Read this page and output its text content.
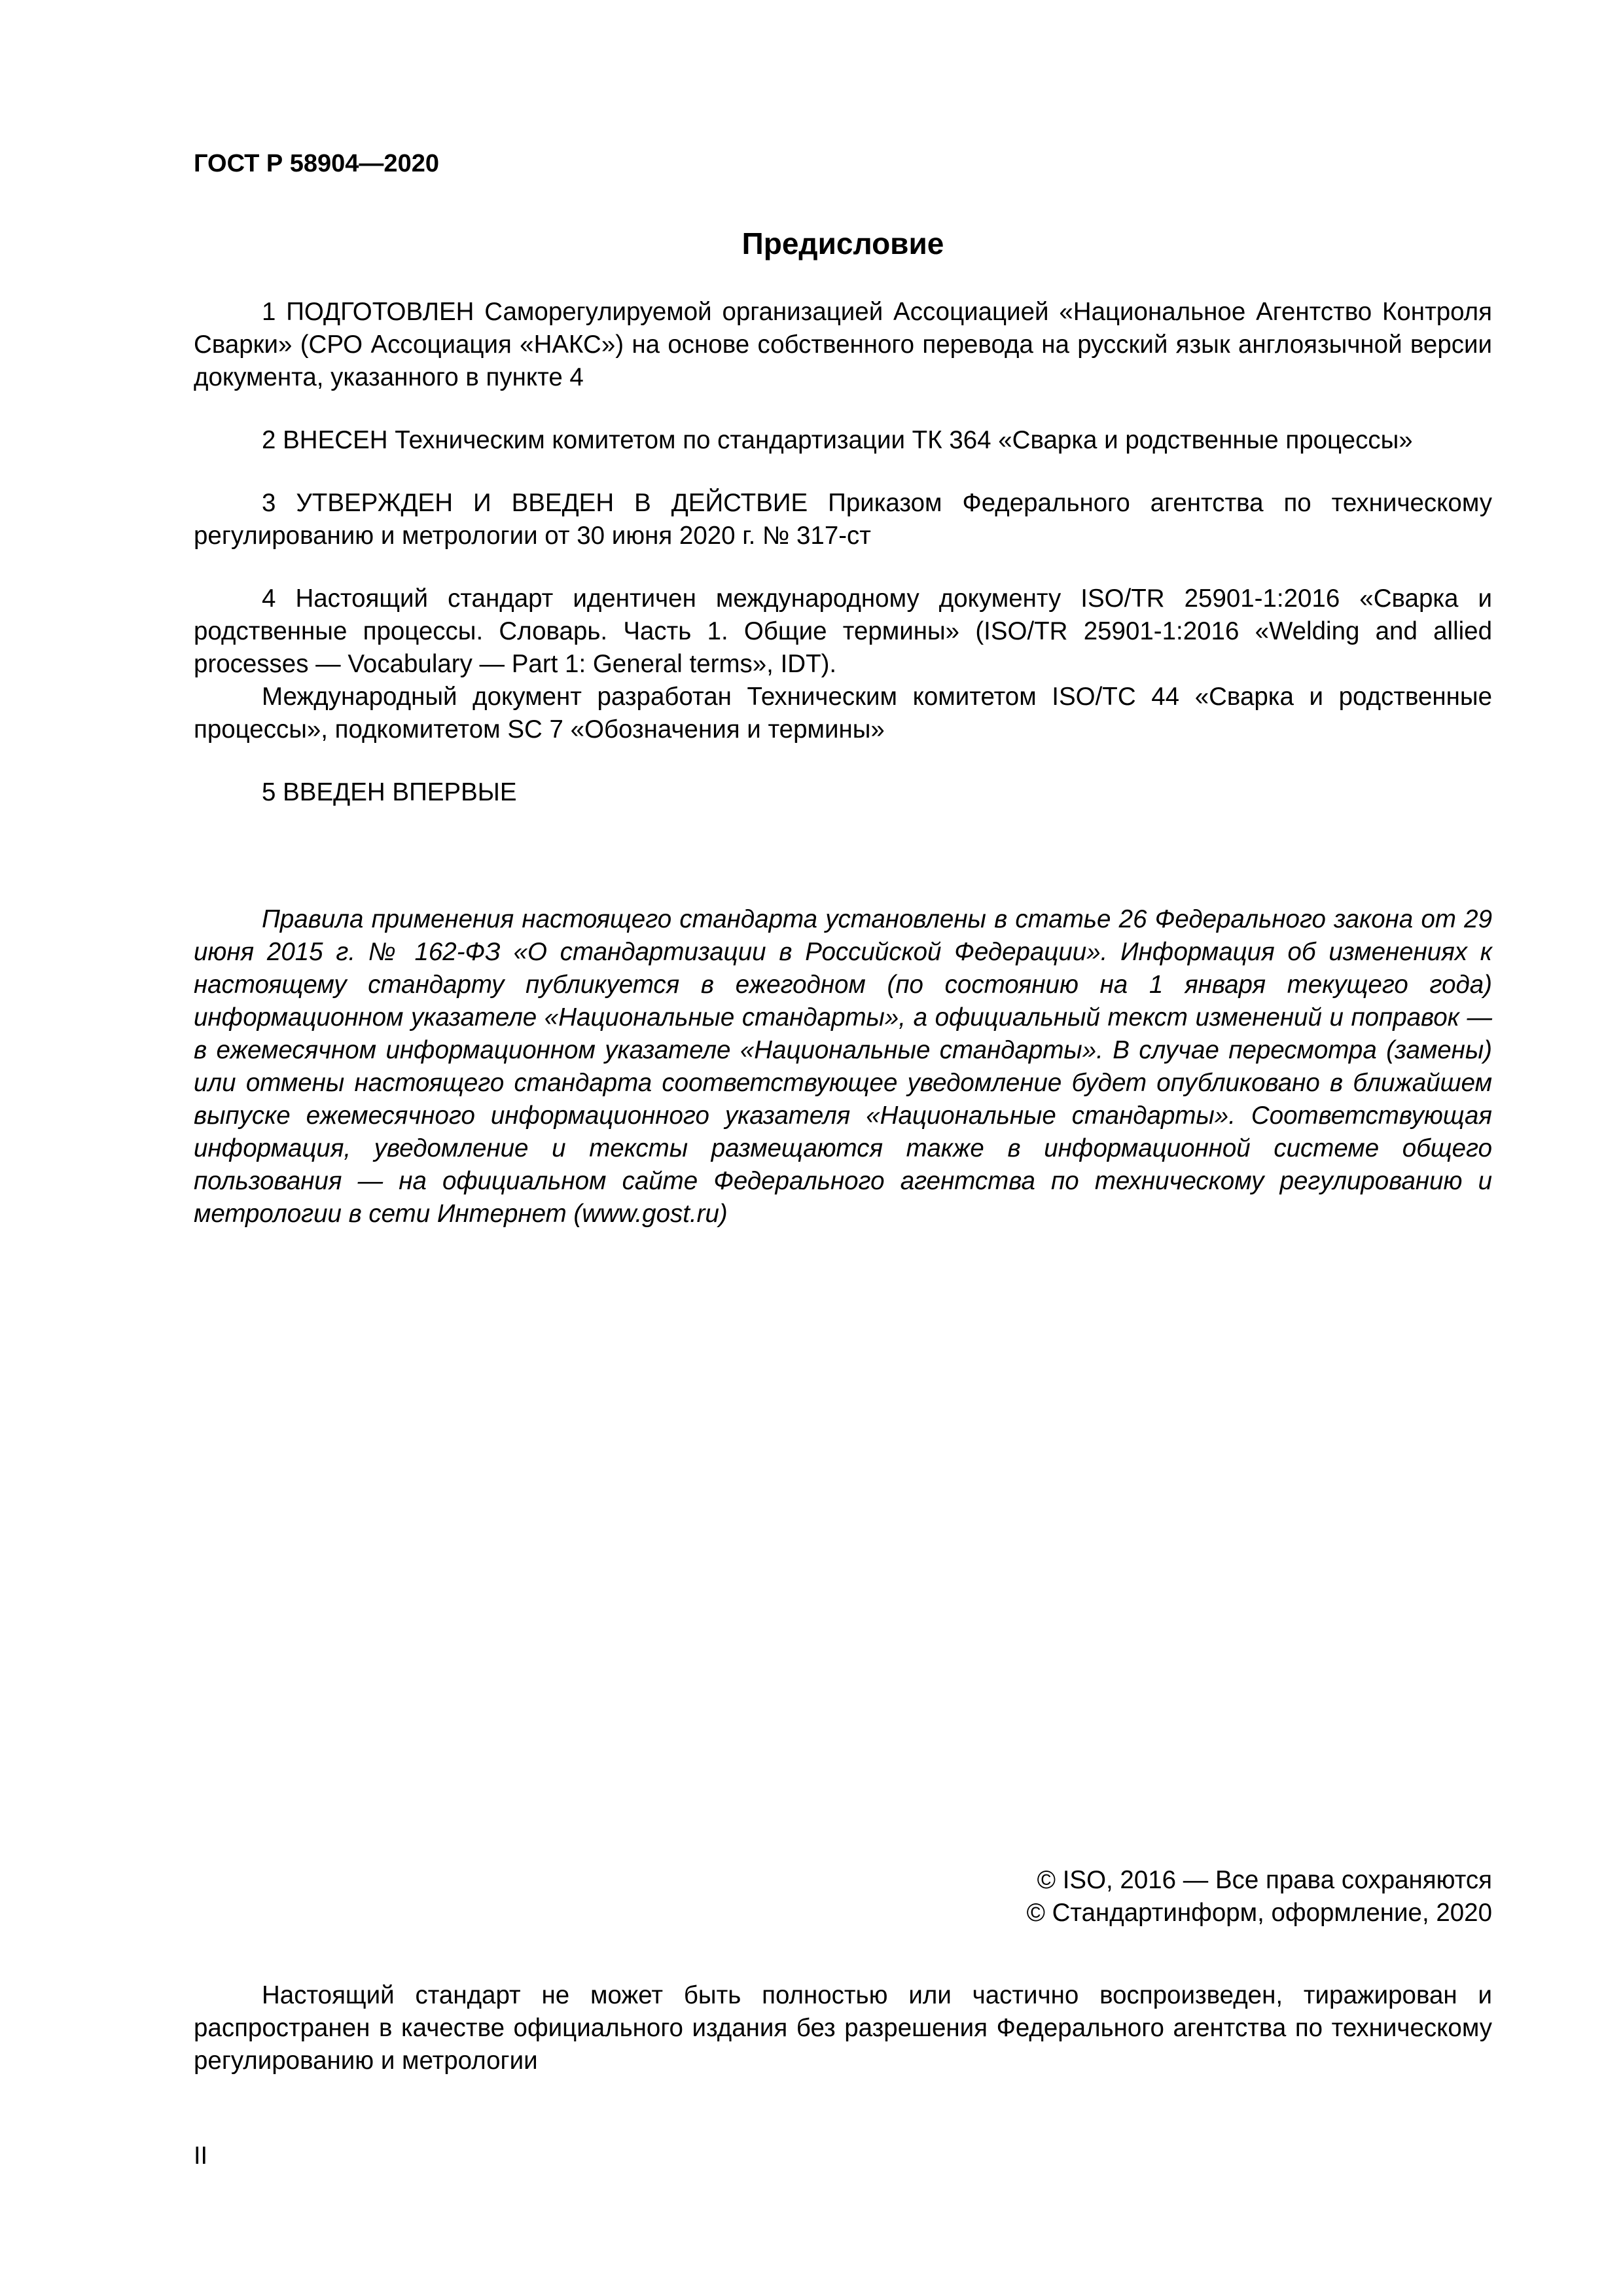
ГОСТ Р 58904—2020
Предисловие

1 ПОДГОТОВЛЕН Саморегулируемой организацией Ассоциацией «Национальное Агентство Контроля Сварки» (СРО Ассоциация «НАКС») на основе собственного перевода на русский язык англоязычной версии документа, указанного в пункте 4

2 ВНЕСЕН Техническим комитетом по стандартизации ТК 364 «Сварка и родственные процессы»

3 УТВЕРЖДЕН И ВВЕДЕН В ДЕЙСТВИЕ Приказом Федерального агентства по техническому регулированию и метрологии от 30 июня 2020 г. № 317-ст

4 Настоящий стандарт идентичен международному документу ISO/TR 25901-1:2016 «Сварка и родственные процессы. Словарь. Часть 1. Общие термины» (ISO/TR 25901-1:2016 «Welding and allied processes — Vocabulary — Part 1: General terms», IDT).

Международный документ разработан Техническим комитетом ISO/TC 44 «Сварка и родственные процессы», подкомитетом SC 7 «Обозначения и термины»

5 ВВЕДЕН ВПЕРВЫЕ

Правила применения настоящего стандарта установлены в статье 26 Федерального закона от 29 июня 2015 г. № 162-ФЗ «О стандартизации в Российской Федерации». Информация об изменениях к настоящему стандарту публикуется в ежегодном (по состоянию на 1 января текущего года) информационном указателе «Национальные стандарты», а официальный текст изменений и поправок — в ежемесячном информационном указателе «Национальные стандарты». В случае пересмотра (замены) или отмены настоящего стандарта соответствующее уведомление будет опубликовано в ближайшем выпуске ежемесячного информационного указателя «Национальные стандарты». Соответствующая информация, уведомление и тексты размещаются также в информационной системе общего пользования — на официальном сайте Федерального агентства по техническому регулированию и метрологии в сети Интернет (www.gost.ru)

© ISO, 2016 — Все права сохраняются
© Стандартинформ, оформление, 2020

Настоящий стандарт не может быть полностью или частично воспроизведен, тиражирован и распространен в качестве официального издания без разрешения Федерального агентства по техническому регулированию и метрологии

II
